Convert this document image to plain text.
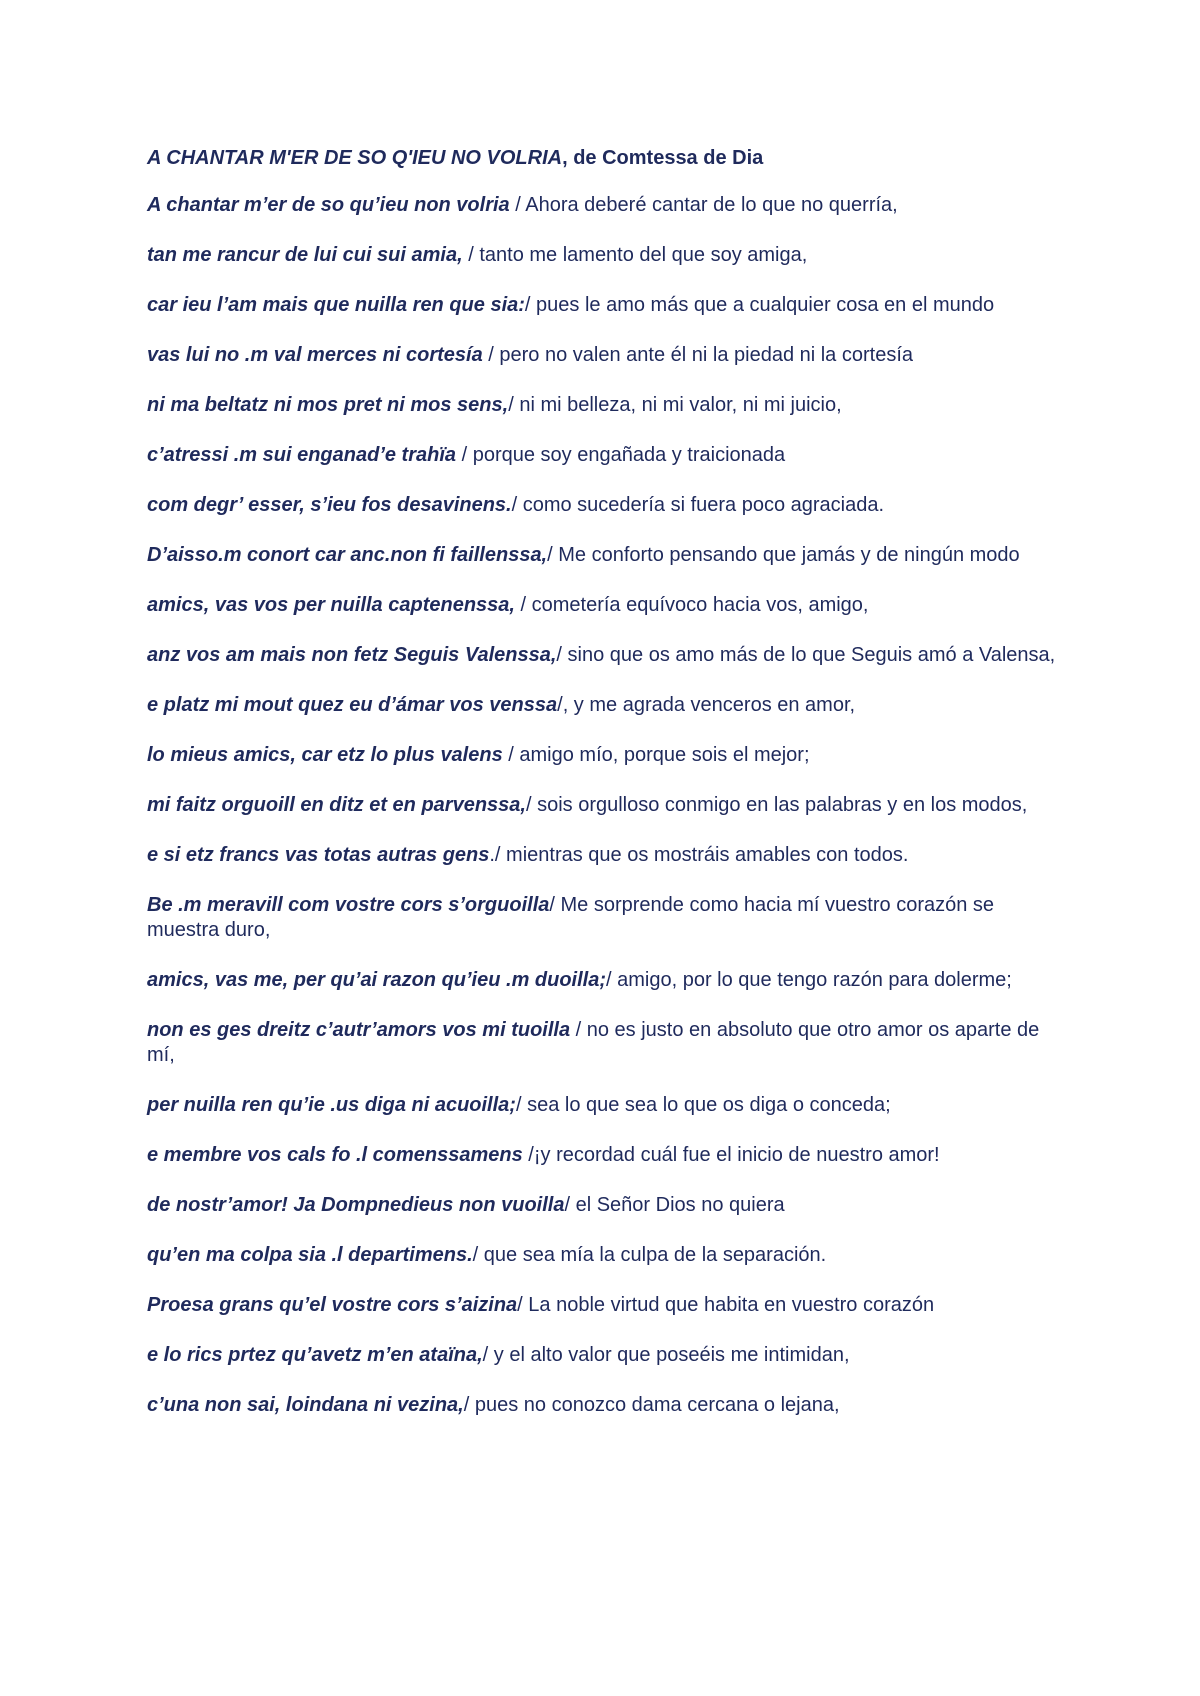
A CHANTAR M'ER DE SO Q'IEU NO VOLRIA, de Comtessa de Dia

A chantar m’er de so qu’ieu non volria / Ahora deberé cantar de lo que no querría,

tan me rancur de lui cui sui amia, / tanto me lamento del que soy amiga,

car ieu l’am mais que nuilla ren que sia:/ pues le amo más que a cualquier cosa en el mundo

vas lui no .m val merces ni cortesía / pero no valen ante él ni la piedad ni la cortesía

ni ma beltatz ni mos pret ni mos sens,/ ni mi belleza, ni mi valor, ni mi juicio,

c’atressi .m sui enganad’e trahïa / porque soy engañada y traicionada

com degr’ esser, s’ieu fos desavinens./ como sucedería si fuera poco agraciada.

D’aisso.m conort car anc.non fi faillenssa,/ Me conforto pensando que jamás y de ningún modo

amics, vas vos per nuilla captenenssa, / cometería equívoco hacia vos, amigo,

anz vos am mais non fetz Seguis Valenssa,/ sino que os amo más de lo que Seguis amó a Valensa,

e platz mi mout quez eu d’ámar vos venssa/, y me agrada venceros en amor,

lo mieus amics, car etz lo plus valens / amigo mío, porque sois el mejor;

mi faitz orguoill en ditz et en parvenssa,/ sois orgulloso conmigo en las palabras y en los modos,

e si etz francs vas totas autras gens./ mientras que os mostráis amables con todos.

Be .m meravill com vostre cors s’orguoilla/ Me sorprende como hacia mí vuestro corazón se muestra duro,

amics, vas me, per qu’ai razon qu’ieu .m duoilla;/ amigo, por lo que tengo razón para dolerme;

non es ges dreitz c’autr’amors vos mi tuoilla / no es justo en absoluto que otro amor os aparte de mí,

per nuilla ren qu’ie .us diga ni acuoilla;/ sea lo que sea lo que os diga o conceda;

e membre vos cals fo .l comenssamens /¡y recordad cuál fue el inicio de nuestro amor!

de nostr’amor! Ja Dompnedieus non vuoilla/ el Señor Dios no quiera

qu’en ma colpa sia .l departimens./ que sea mía la culpa de la separación.

Proesa grans qu’el vostre cors s’aizina/ La noble virtud que habita en vuestro corazón

e lo rics prtez qu’avetz m’en ataïna,/ y el alto valor que poseéis me intimidan,

c’una non sai, loindana ni vezina,/ pues no conozco dama cercana o lejana,
